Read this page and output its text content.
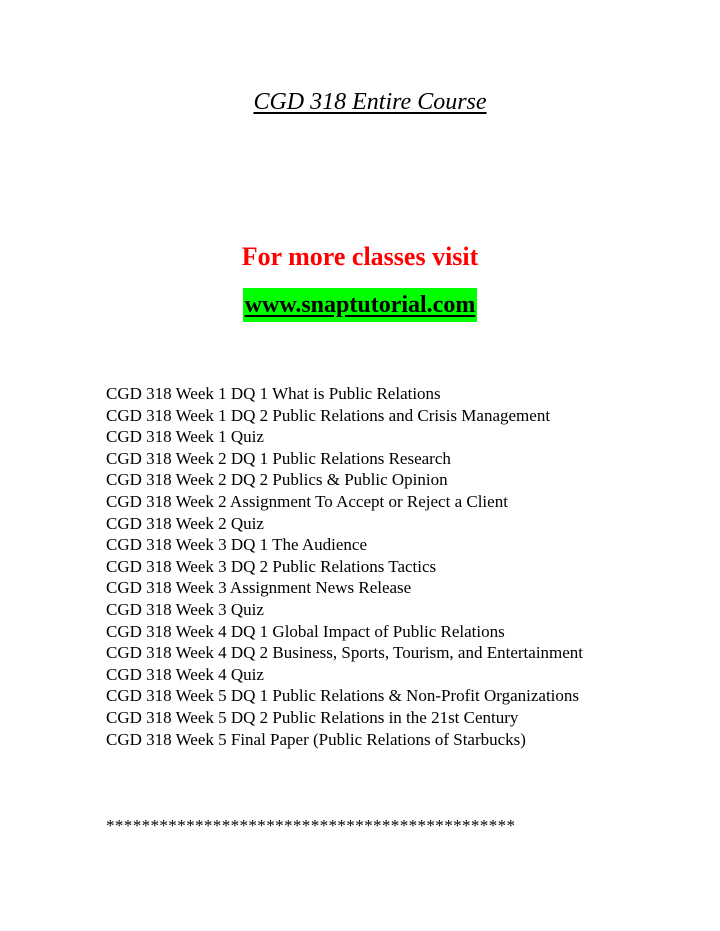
CGD 318 Entire Course
For more classes visit
www.snaptutorial.com
CGD 318 Week 1 DQ 1 What is Public Relations
CGD 318 Week 1 DQ 2 Public Relations and Crisis Management
CGD 318 Week 1 Quiz
CGD 318 Week 2 DQ 1 Public Relations Research
CGD 318 Week 2 DQ 2 Publics & Public Opinion
CGD 318 Week 2 Assignment To Accept or Reject a Client
CGD 318 Week 2 Quiz
CGD 318 Week 3 DQ 1 The Audience
CGD 318 Week 3 DQ 2 Public Relations Tactics
CGD 318 Week 3 Assignment News Release
CGD 318 Week 3 Quiz
CGD 318 Week 4 DQ 1 Global Impact of Public Relations
CGD 318 Week 4 DQ 2 Business, Sports, Tourism, and Entertainment
CGD 318 Week 4 Quiz
CGD 318 Week 5 DQ 1 Public Relations & Non-Profit Organizations
CGD 318 Week 5 DQ 2 Public Relations in the 21st Century
CGD 318 Week 5 Final Paper (Public Relations of Starbucks)
**********************************************
